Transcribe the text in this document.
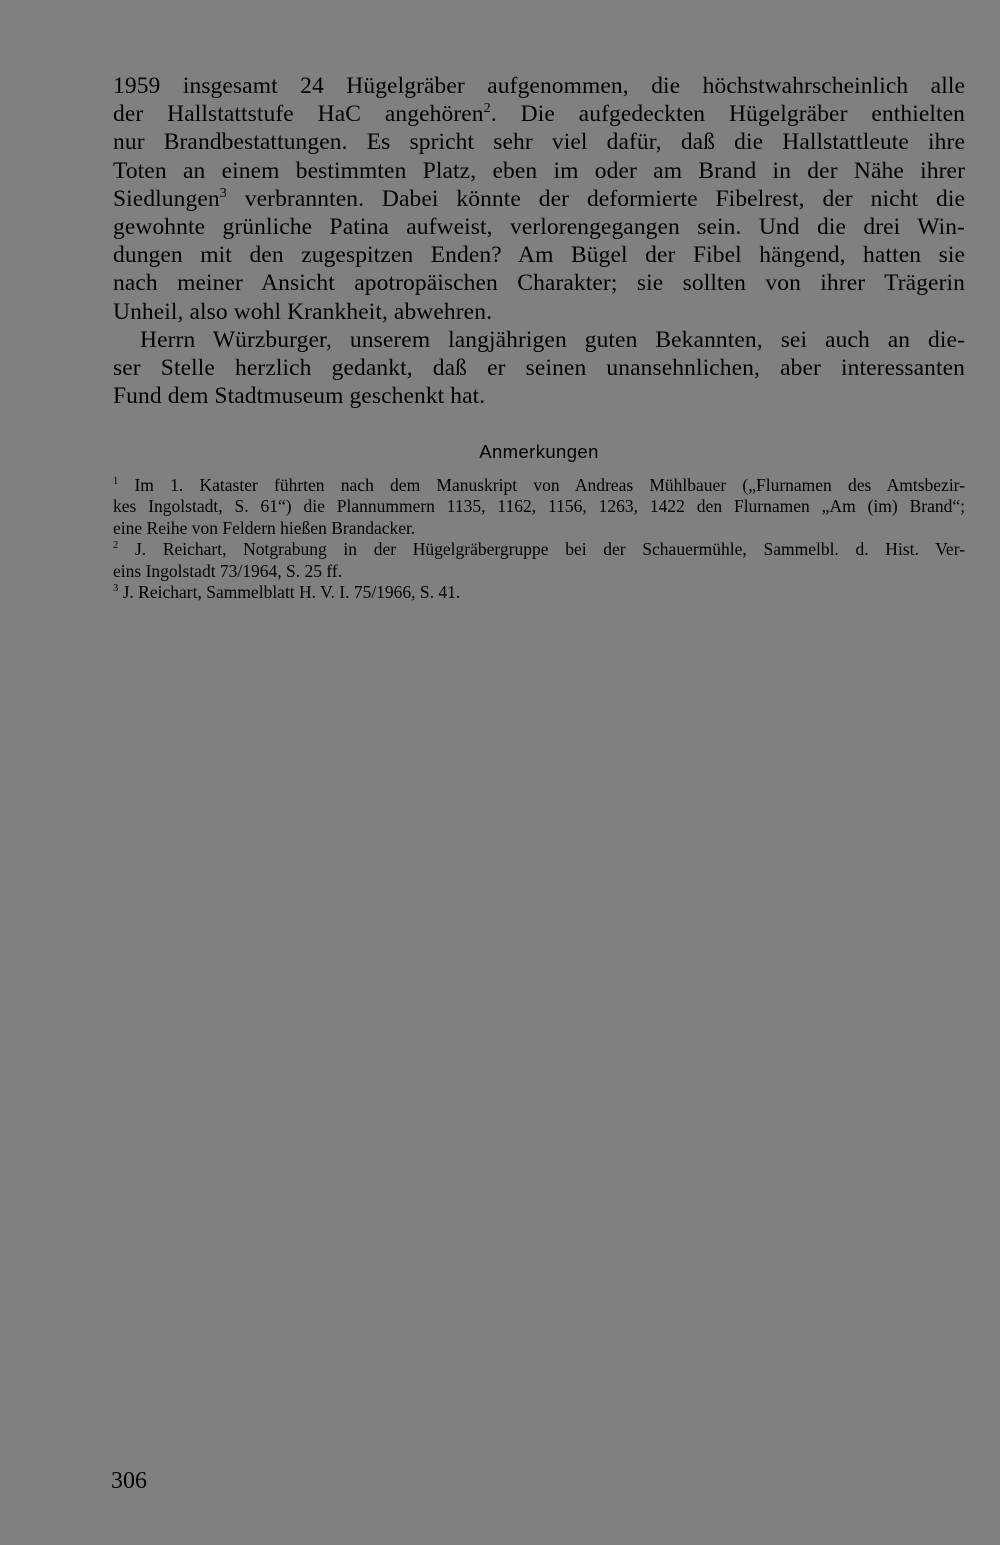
1959 insgesamt 24 Hügelgräber aufgenommen, die höchstwahrscheinlich alle
der Hallstattstufe HaC angehören$^2$. Die aufgedeckten Hügelgräber enthielten
nur Brandbestattungen. Es spricht sehr viel dafür, daß die Hallstattleute ihre
Toten an einem bestimmten Platz, eben im oder am Brand in der Nähe ihrer
Siedlungen$^3$ verbrannten. Dabei könnte der deformierte Fibelrest, der nicht die
gewohnte grünliche Patina aufweist, verlorengegangen sein. Und die drei Win-
dungen mit den zugespitzen Enden? Am Bügel der Fibel hängend, hatten sie
nach meiner Ansicht apotropäischen Charakter; sie sollten von ihrer Trägerin
Unheil, also wohl Krankheit, abwehren.
Herrn Würzburger, unserem langjährigen guten Bekannten, sei auch an die-
ser Stelle herzlich gedankt, daß er seinen unansehnlichen, aber interessanten
Fund dem Stadtmuseum geschenkt hat.
Anmerkungen
$^1$ Im 1. Kataster führten nach dem Manuskript von Andreas Mühlbauer („Flurnamen des Amtsbezir-
kes Ingolstadt, S. 61“) die Plannummern 1135, 1162, 1156, 1263, 1422 den Flurnamen „Am (im) Brand“;
eine Reihe von Feldern hießen Brandacker.
$^2$ J. Reichart, Notgrabung in der Hügelgräbergruppe bei der Schauermühle, Sammelbl. d. Hist. Ver-
eins Ingolstadt 73/1964, S. 25 ff.
$^3$ J. Reichart, Sammelblatt H. V. I. 75/1966, S. 41.
306
